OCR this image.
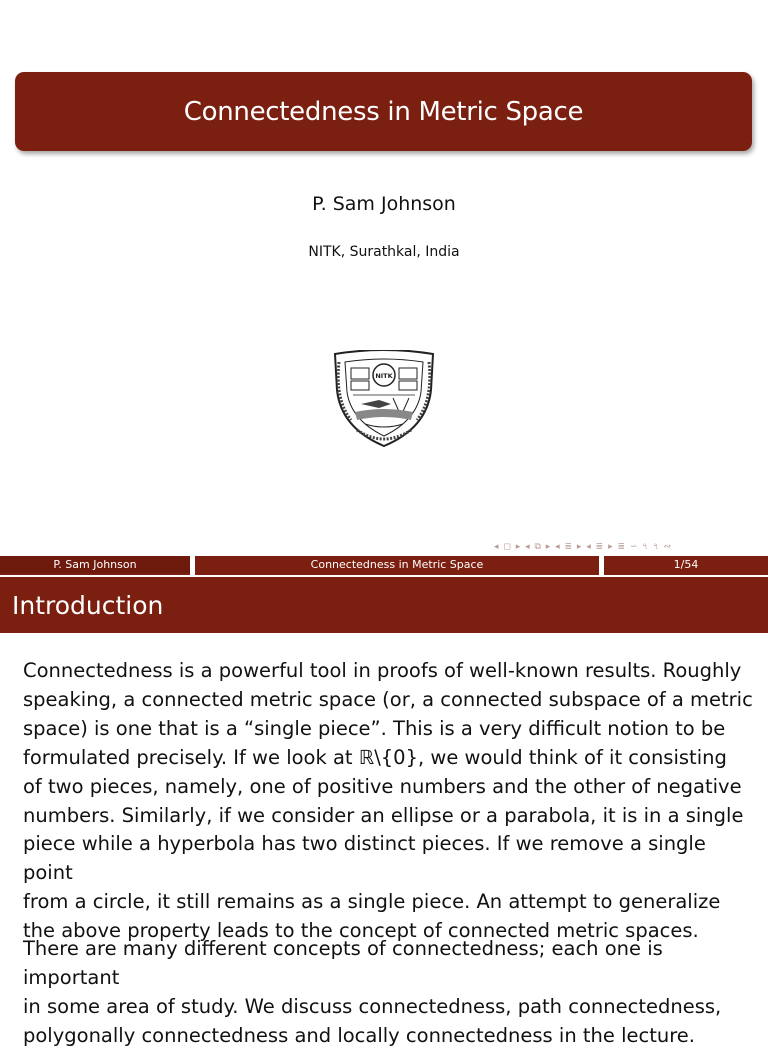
Connectedness in Metric Space
P. Sam Johnson
NITK, Surathkal, India
NITK
◂ ◻ ▸ ◂ ⧉ ▸ ◂ ≣ ▸ ◂ ≣ ▸ ≣ ∽ ৭ ৭ ∾
P. Sam Johnson	Connectedness in Metric Space	1/54
Introduction
Connectedness is a powerful tool in proofs of well-known results. Roughly
speaking, a connected metric space (or, a connected subspace of a metric
space) is one that is a “single piece”. This is a very difficult notion to be
formulated precisely. If we look at ℝ\{0}, we would think of it consisting
of two pieces, namely, one of positive numbers and the other of negative
numbers. Similarly, if we consider an ellipse or a parabola, it is in a single
piece while a hyperbola has two distinct pieces. If we remove a single point
from a circle, it still remains as a single piece. An attempt to generalize
the above property leads to the concept of connected metric spaces.
There are many different concepts of connectedness; each one is important
in some area of study. We discuss connectedness, path connectedness,
polygonally connectedness and locally connectedness in the lecture.
